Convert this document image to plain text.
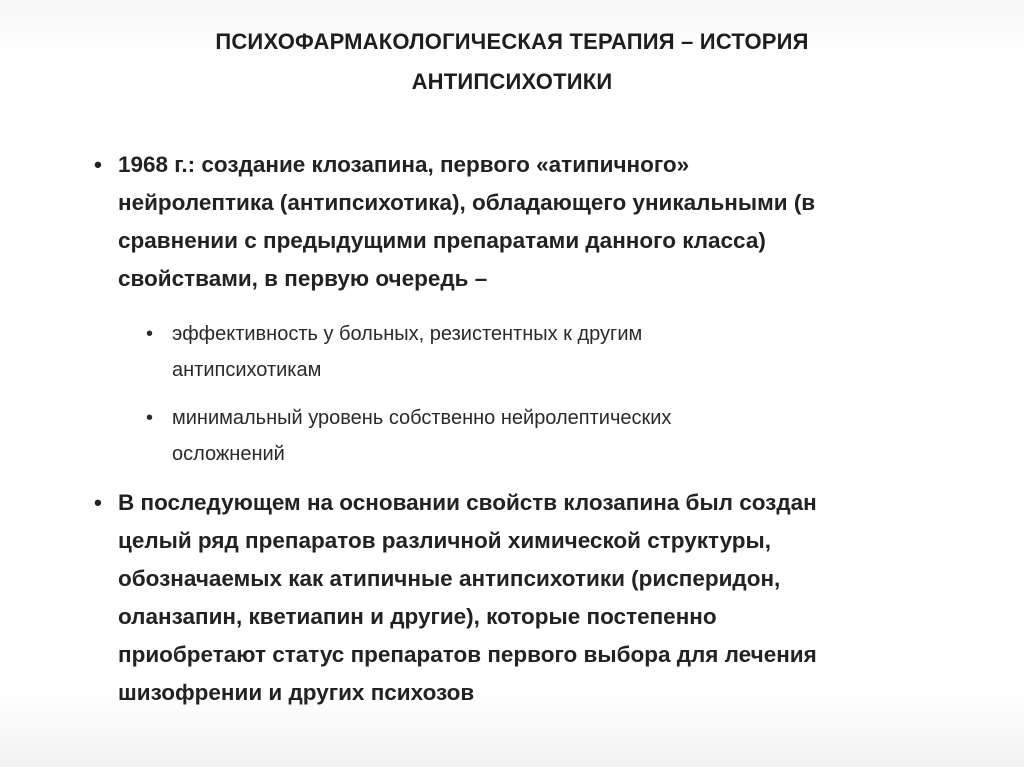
ПСИХОФАРМАКОЛОГИЧЕСКАЯ ТЕРАПИЯ – ИСТОРИЯ
АНТИПСИХОТИКИ
• 1968 г.: создание клозапина, первого «атипичного»
нейролептика (антипсихотика), обладающего уникальными (в
сравнении с предыдущими препаратами данного класса)
свойствами, в первую очередь –
• эффективность у больных, резистентных к другим
антипсихотикам
• минимальный уровень собственно нейролептических
осложнений
• В последующем на основании свойств клозапина был создан
целый ряд препаратов различной химической структуры,
обозначаемых как атипичные антипсихотики (рисперидон,
оланзапин, кветиапин и другие), которые постепенно
приобретают статус препаратов первого выбора для лечения
шизофрении и других психозов
